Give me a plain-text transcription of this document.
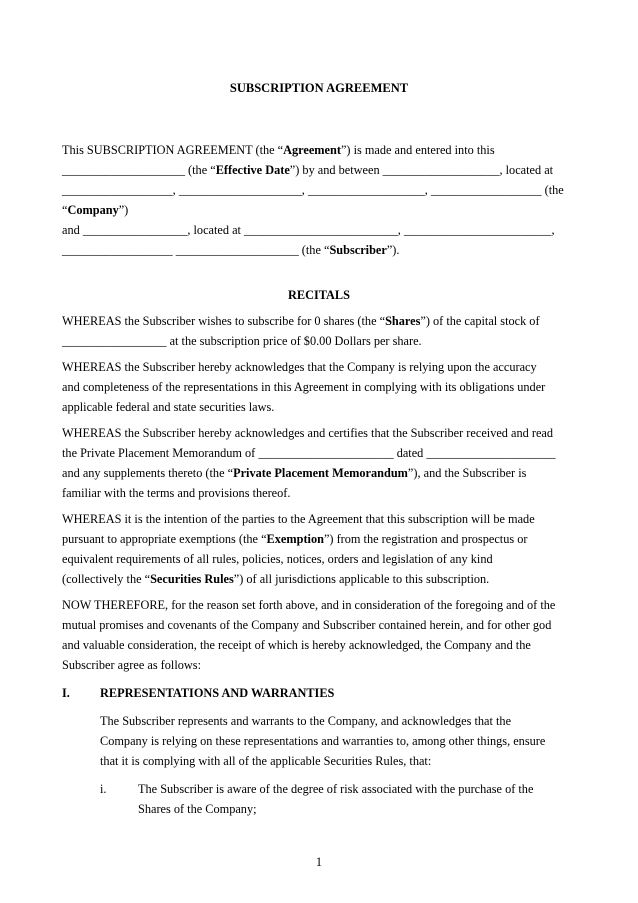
SUBSCRIPTION AGREEMENT
This SUBSCRIPTION AGREEMENT (the “Agreement”) is made and entered into this
____________________ (the “Effective Date”) by and between ___________________, located at
__________________, ____________________, ___________________, __________________ (the
“Company”)
and _________________, located at _________________________, ________________________,
__________________ ____________________ (the “Subscriber”).
RECITALS
WHEREAS the Subscriber wishes to subscribe for 0 shares (the “Shares”) of the capital stock of
_________________ at the subscription price of $0.00 Dollars per share.
WHEREAS the Subscriber hereby acknowledges that the Company is relying upon the accuracy
and completeness of the representations in this Agreement in complying with its obligations under
applicable federal and state securities laws.
WHEREAS the Subscriber hereby acknowledges and certifies that the Subscriber received and read
the Private Placement Memorandum of ______________________ dated _____________________
and any supplements thereto (the “Private Placement Memorandum”), and the Subscriber is
familiar with the terms and provisions thereof.
WHEREAS it is the intention of the parties to the Agreement that this subscription will be made
pursuant to appropriate exemptions (the “Exemption”) from the registration and prospectus or
equivalent requirements of all rules, policies, notices, orders and legislation of any kind
(collectively the “Securities Rules”) of all jurisdictions applicable to this subscription.
NOW THEREFORE, for the reason set forth above, and in consideration of the foregoing and of the
mutual promises and covenants of the Company and Subscriber contained herein, and for other god
and valuable consideration, the receipt of which is hereby acknowledged, the Company and the
Subscriber agree as follows:
I. REPRESENTATIONS AND WARRANTIES
The Subscriber represents and warrants to the Company, and acknowledges that the
Company is relying on these representations and warranties to, among other things, ensure
that it is complying with all of the applicable Securities Rules, that:
i.	The Subscriber is aware of the degree of risk associated with the purchase of the
Shares of the Company;
1
